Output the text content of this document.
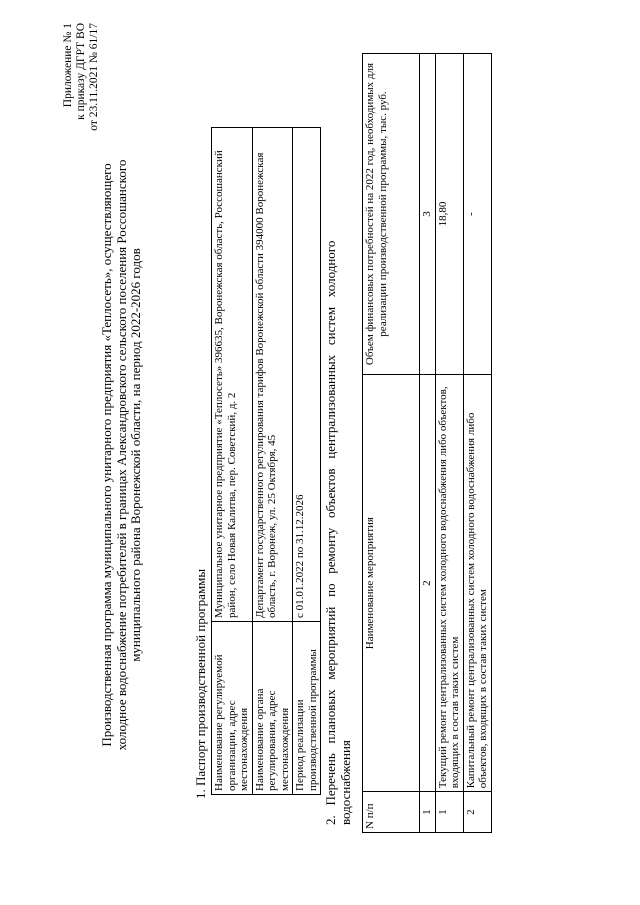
Приложение № 1 к приказу ДГРТ ВО от 23.11.2021 № 61/17
Производственная программа муниципального унитарного предприятия «Теплосеть», осуществляющего холодное водоснабжение потребителей в границах Александровского сельского поселения Россошанского муниципального района Воронежской области, на период 2022-2026 годов
1. Паспорт производственной программы Наименование регулируемой организации, адрес местонахождения	Муниципальное унитарное предприятие «Теплосеть» 396635, Воронежская область, Россошанский район, село Новая Калитва, пер. Советский, д. 2
Наименование органа регулирования, адрес местонахождения	Департамент государственного регулирования тарифов Воронежской области 394000 Воронежская область, г. Воронеж, ул. 25 Октября, 45
Период реализации производственной программы	с 01.01.2022 по 31.12.2026 2.   Перечень   плановых   мероприятий   по   ремонту   объектов   централизованных   систем   холодного водоснабжения N п/п	Наименование мероприятия	Объем финансовых потребностей на 2022 год, необходимых для реализации производственной программы, тыс. руб.
1	2	3
1	Текущий ремонт централизованных систем холодного водоснабжения либо объектов, входящих в состав таких систем	18,80
2	Капитальный ремонт централизованных систем холодного водоснабжения либо объектов, входящих в состав таких систем	-
